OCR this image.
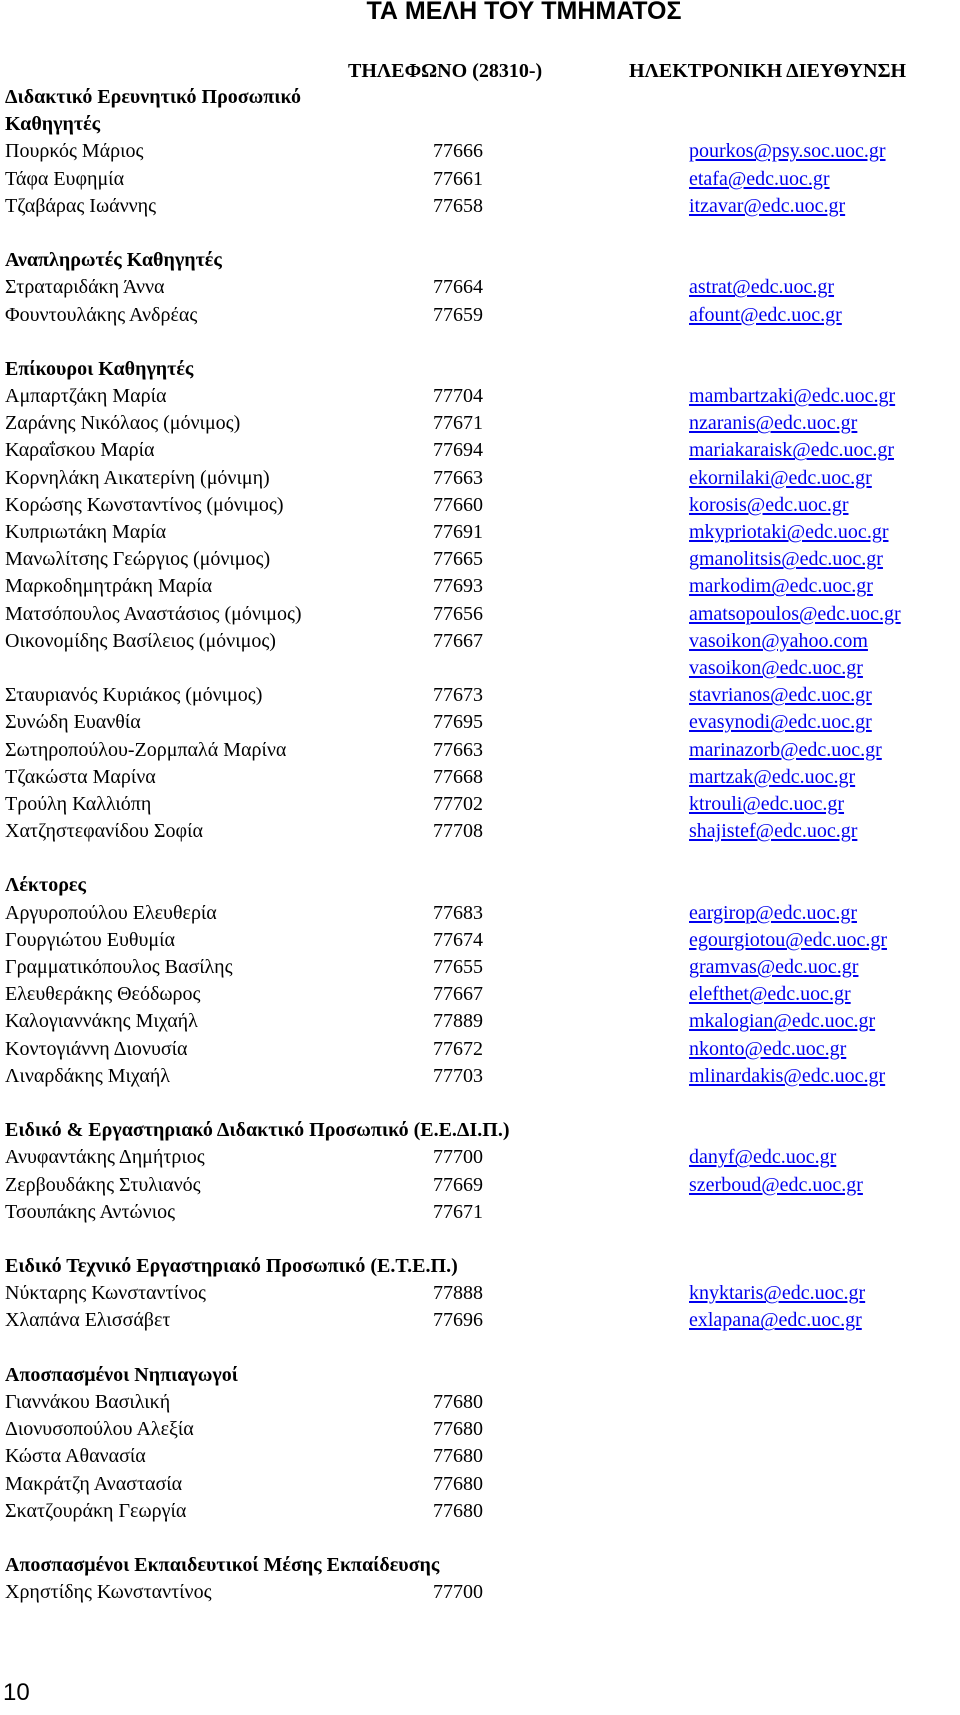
ΤΑ ΜΕΛΗ ΤΟΥ ΤΜΗΜΑΤΟΣ
ΤΗΛΕΦΩΝΟ (28310-)	ΗΛΕΚΤΡΟΝΙΚΗ ΔΙΕΥΘΥΝΣΗ
Διδακτικό Ερευνητικό Προσωπικό
Καθηγητές
Πουρκός Μάριος	77666	pourkos@psy.soc.uoc.gr
Τάφα Ευφημία	77661	etafa@edc.uoc.gr
Τζαβάρας Ιωάννης	77658	itzavar@edc.uoc.gr
Αναπληρωτές Καθηγητές
Στραταριδάκη Άννα	77664	astrat@edc.uoc.gr
Φουντουλάκης Ανδρέας	77659	afount@edc.uoc.gr
Επίκουροι Καθηγητές
Αμπαρτζάκη Μαρία	77704	mambartzaki@edc.uoc.gr
Ζαράνης Νικόλαος (μόνιμος)	77671	nzaranis@edc.uoc.gr
Καραΐσκου Μαρία	77694	mariakaraisk@edc.uoc.gr
Κορνηλάκη Αικατερίνη (μόνιμη)	77663	ekornilaki@edc.uoc.gr
Κορώσης Κωνσταντίνος (μόνιμος)	77660	korosis@edc.uoc.gr
Κυπριωτάκη Μαρία	77691	mkypriotaki@edc.uoc.gr
Μανωλίτσης Γεώργιος (μόνιμος)	77665	gmanolitsis@edc.uoc.gr
Μαρκοδημητράκη Μαρία	77693	markodim@edc.uoc.gr
Ματσόπουλος Αναστάσιος (μόνιμος)	77656	amatsopoulos@edc.uoc.gr
Οικονομίδης Βασίλειος (μόνιμος)	77667	vasoikon@yahoo.com
vasoikon@edc.uoc.gr
Σταυριανός Κυριάκος (μόνιμος)	77673	stavrianos@edc.uoc.gr
Συνώδη Ευανθία	77695	evasynodi@edc.uoc.gr
Σωτηροπούλου-Ζορμπαλά Μαρίνα	77663	marinazorb@edc.uoc.gr
Τζακώστα Μαρίνα	77668	martzak@edc.uoc.gr
Τρούλη Καλλιόπη	77702	ktrouli@edc.uoc.gr
Χατζηστεφανίδου Σοφία	77708	shajistef@edc.uoc.gr
Λέκτορες
Αργυροπούλου Ελευθερία	77683	eargirop@edc.uoc.gr
Γουργιώτου Ευθυμία	77674	egourgiotou@edc.uoc.gr
Γραμματικόπουλος Βασίλης	77655	gramvas@edc.uoc.gr
Ελευθεράκης Θεόδωρος	77667	elefthet@edc.uoc.gr
Καλογιαννάκης Μιχαήλ	77889	mkalogian@edc.uoc.gr
Κοντογιάννη Διονυσία	77672	nkonto@edc.uoc.gr
Λιναρδάκης Μιχαήλ	77703	mlinardakis@edc.uoc.gr
Ειδικό & Εργαστηριακό Διδακτικό Προσωπικό (Ε.Ε.ΔΙ.Π.)
Ανυφαντάκης Δημήτριος	77700	danyf@edc.uoc.gr
Ζερβουδάκης Στυλιανός	77669	szerboud@edc.uoc.gr
Τσουπάκης Αντώνιος	77671
Ειδικό Τεχνικό Εργαστηριακό Προσωπικό (Ε.Τ.Ε.Π.)
Νύκταρης Κωνσταντίνος	77888	knyktaris@edc.uoc.gr
Χλαπάνα Ελισσάβετ	77696	exlapana@edc.uoc.gr
Αποσπασμένοι Νηπιαγωγοί
Γιαννάκου Βασιλική	77680
Διονυσοπούλου Αλεξία	77680
Κώστα Αθανασία	77680
Μακράτζη Αναστασία	77680
Σκατζουράκη Γεωργία	77680
Αποσπασμένοι Εκπαιδευτικοί Μέσης Εκπαίδευσης
Χρηστίδης Κωνσταντίνος	77700
10
